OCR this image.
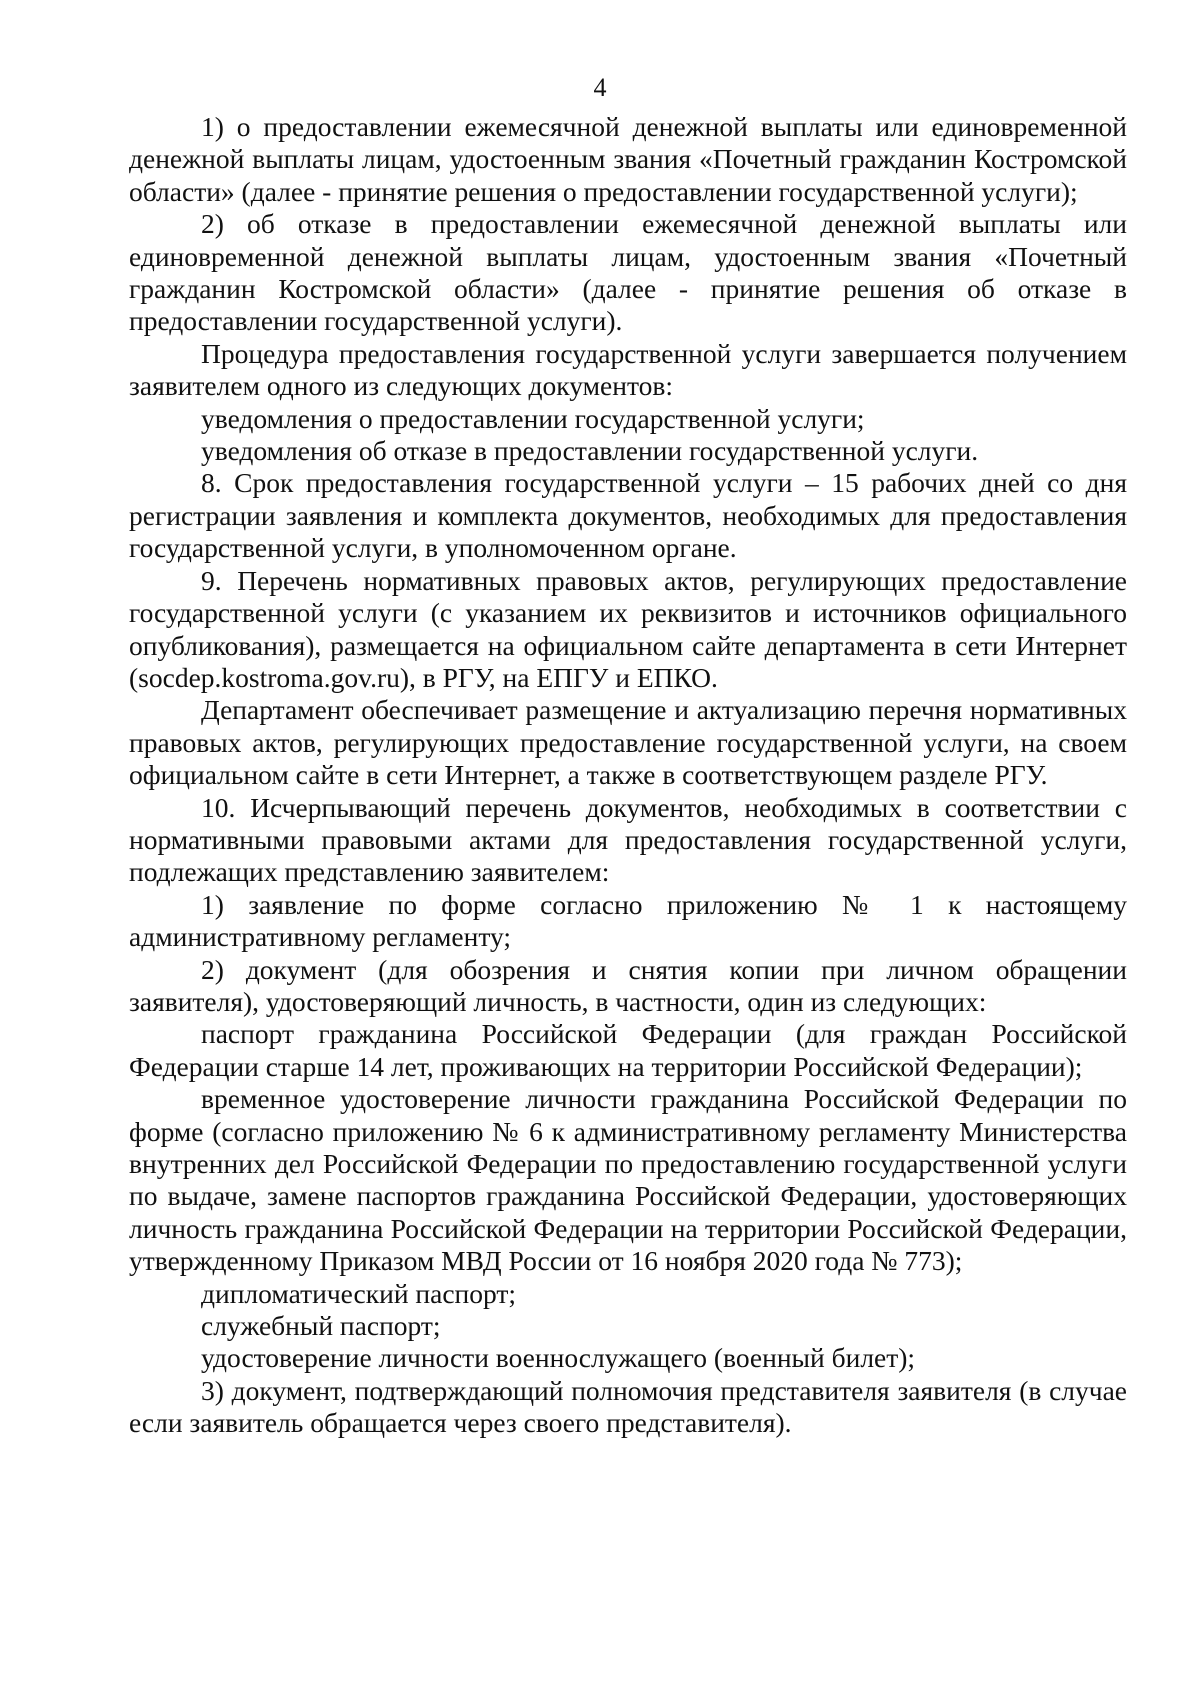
4

1) о предоставлении ежемесячной денежной выплаты или единовременной денежной выплаты лицам, удостоенным звания «Почетный гражданин Костромской области» (далее - принятие решения о предоставлении государственной услуги);

2) об отказе в предоставлении ежемесячной денежной выплаты или единовременной денежной выплаты лицам, удостоенным звания «Почетный гражданин Костромской области» (далее - принятие решения об отказе в предоставлении государственной услуги).

Процедура предоставления государственной услуги завершается получением заявителем одного из следующих документов:

уведомления о предоставлении государственной услуги;

уведомления об отказе в предоставлении государственной услуги.

8. Срок предоставления государственной услуги – 15 рабочих дней со дня регистрации заявления и комплекта документов, необходимых для предоставления государственной услуги, в уполномоченном органе.

9. Перечень нормативных правовых актов, регулирующих предоставление государственной услуги (с указанием их реквизитов и источников официального опубликования), размещается на официальном сайте департамента в сети Интернет (socdep.kostroma.gov.ru), в РГУ, на ЕПГУ и ЕПКО.

Департамент обеспечивает размещение и актуализацию перечня нормативных правовых актов, регулирующих предоставление государственной услуги, на своем официальном сайте в сети Интернет, а также в соответствующем разделе РГУ.

10. Исчерпывающий перечень документов, необходимых в соответствии с нормативными правовыми актами для предоставления государственной услуги, подлежащих представлению заявителем:

1) заявление по форме согласно приложению № 1 к настоящему административному регламенту;

2) документ (для обозрения и снятия копии при личном обращении заявителя), удостоверяющий личность, в частности, один из следующих:

паспорт гражданина Российской Федерации (для граждан Российской Федерации старше 14 лет, проживающих на территории Российской Федерации);

временное удостоверение личности гражданина Российской Федерации по форме (согласно приложению № 6 к административному регламенту Министерства внутренних дел Российской Федерации по предоставлению государственной услуги по выдаче, замене паспортов гражданина Российской Федерации, удостоверяющих личность гражданина Российской Федерации на территории Российской Федерации, утвержденному Приказом МВД России от 16 ноября 2020 года № 773);

дипломатический паспорт;

служебный паспорт;

удостоверение личности военнослужащего (военный билет);

3) документ, подтверждающий полномочия представителя заявителя (в случае если заявитель обращается через своего представителя).
